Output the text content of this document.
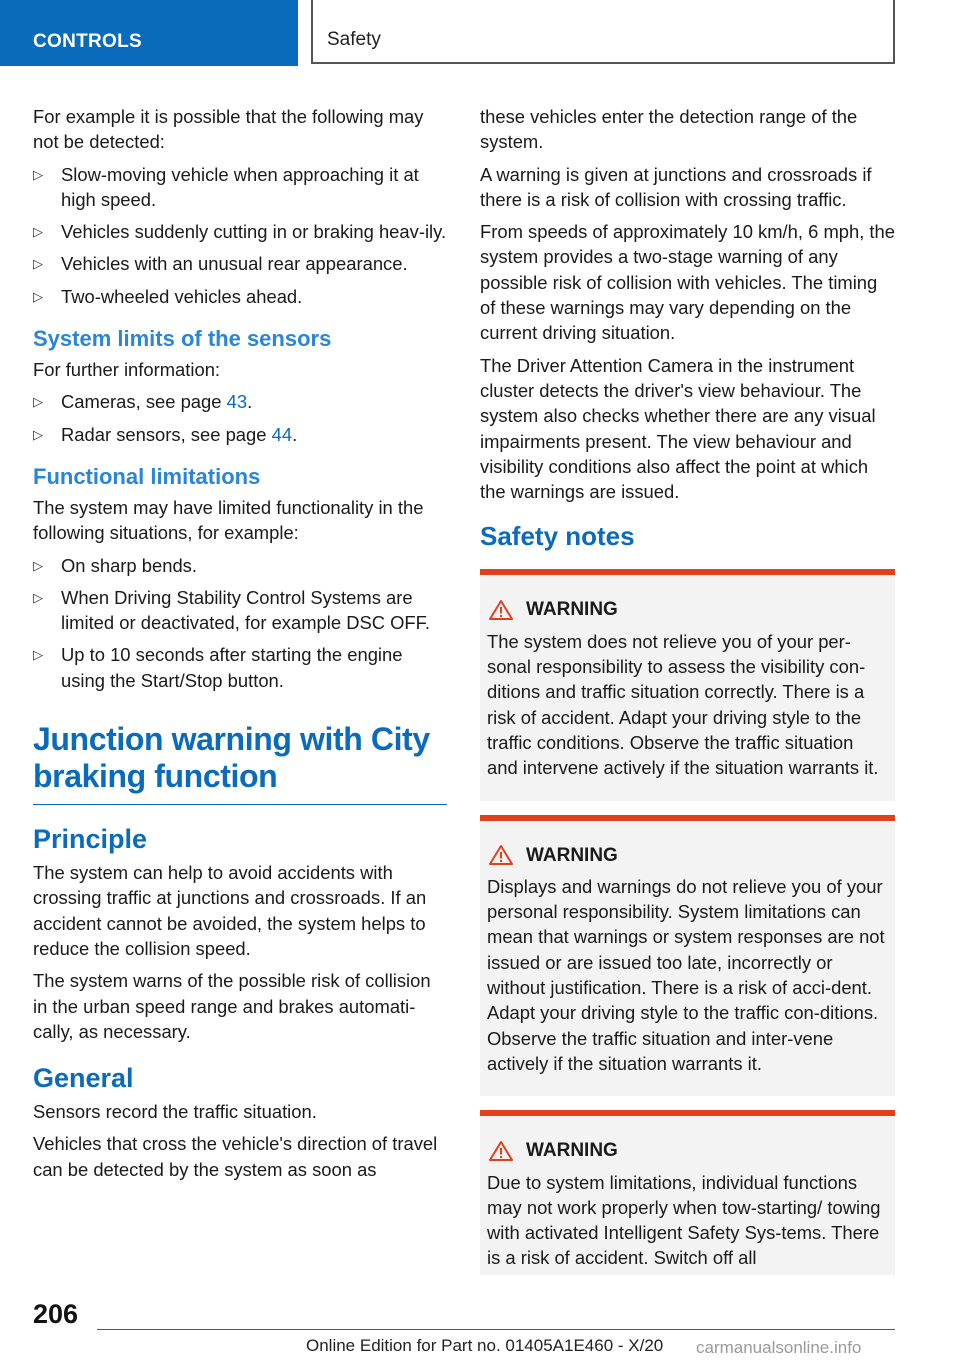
CONTROLS	Safety

For example it is possible that the following may not be detected:

▷ Slow-moving vehicle when approaching it at high speed.
▷ Vehicles suddenly cutting in or braking heav-ily.
▷ Vehicles with an unusual rear appearance.
▷ Two-wheeled vehicles ahead.
System limits of the sensors

For further information:

▷ Cameras, see page 43.
▷ Radar sensors, see page 44.
Functional limitations

The system may have limited functionality in the following situations, for example:

▷ On sharp bends.
▷ When Driving Stability Control Systems are limited or deactivated, for example DSC OFF.
▷ Up to 10 seconds after starting the engine using the Start/Stop button.
Junction warning with City braking function
Principle

The system can help to avoid accidents with crossing traffic at junctions and crossroads. If an accident cannot be avoided, the system helps to reduce the collision speed.

The system warns of the possible risk of collision in the urban speed range and brakes automati-cally, as necessary.

General

Sensors record the traffic situation.

Vehicles that cross the vehicle's direction of travel can be detected by the system as soon as

these vehicles enter the detection range of the system.

A warning is given at junctions and crossroads if there is a risk of collision with crossing traffic.

From speeds of approximately 10 km/h, 6 mph, the system provides a two-stage warning of any possible risk of collision with vehicles. The timing of these warnings may vary depending on the current driving situation.

The Driver Attention Camera in the instrument cluster detects the driver's view behaviour. The system also checks whether there are any visual impairments present. The view behaviour and visibility conditions also affect the point at which the warnings are issued.

Safety notes
WARNING

The system does not relieve you of your per-sonal responsibility to assess the visibility con-ditions and traffic situation correctly. There is a risk of accident. Adapt your driving style to the traffic conditions. Observe the traffic situation and intervene actively if the situation warrants it.

WARNING

Displays and warnings do not relieve you of your personal responsibility. System limitations can mean that warnings or system responses are not issued or are issued too late, incorrectly or without justification. There is a risk of acci-dent. Adapt your driving style to the traffic con-ditions. Observe the traffic situation and inter-vene actively if the situation warrants it.

WARNING

Due to system limitations, individual functions may not work properly when tow-starting/ towing with activated Intelligent Safety Sys-tems. There is a risk of accident. Switch off all

206
Online Edition for Part no. 01405A1E460 - X/20 carmanualsonline.info
